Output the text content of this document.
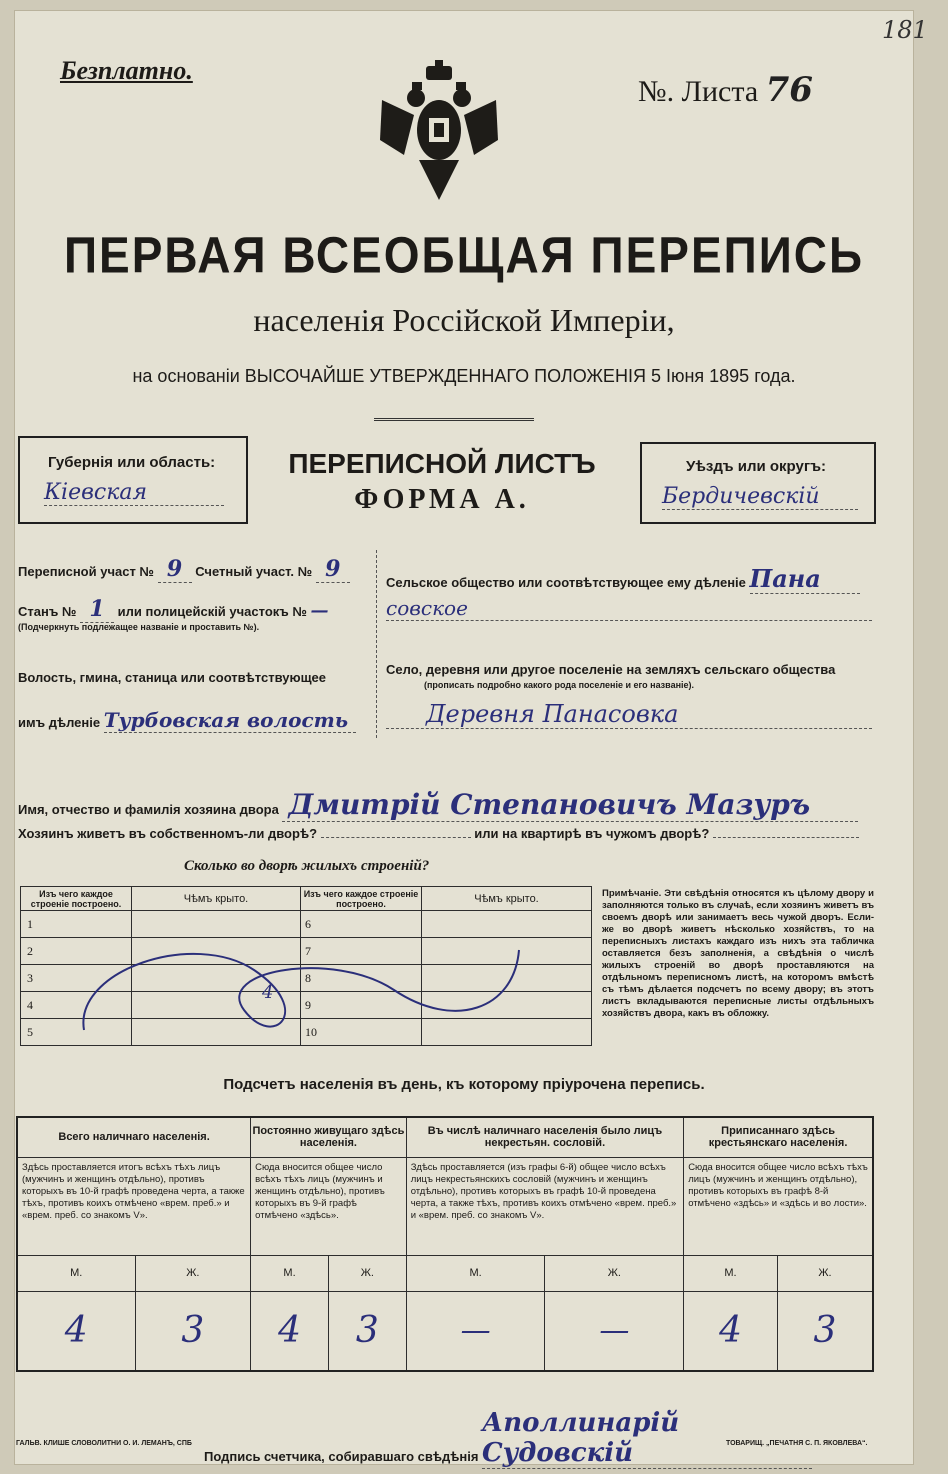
Безплатно.
№. Листа 76
181
ПЕРВАЯ ВСЕОБЩАЯ ПЕРЕПИСЬ
населенія Россійской Имперіи,
на основаніи ВЫСОЧАЙШЕ УТВЕРЖДЕННАГО ПОЛОЖЕНІЯ 5 Іюня 1895 года.
Губернія или область:
Кіевская
ПЕРЕПИСНОЙ ЛИСТЪ
ФОРМА А.
Уѣздъ или округъ:
Бердичевскій
Переписной участ № 9 Счетный участ. № 9
Станъ № 1 или полицейскій участокъ № —
(Подчеркнуть подлежащее названіе и проставить №).
Волость, гмина, станица или соотвѣтствующее
имъ дѣленіе Турбовская волость
Сельское общество или соотвѣтствующее ему дѣленіе Пана
совское
Село, деревня или другое поселеніе на земляхъ сельскаго общества
(прописать подробно какого рода поселеніе и его названіе).
Деревня Панасовка
Имя, отчество и фамилія хозяина двора Дмитрій Степановичъ Мазуръ
Хозяинъ живетъ въ собственномъ-ли дворѣ?	или на квартирѣ въ чужомъ дворѣ?
Сколько во дворѣ жилыхъ строеній?
Изъ чего каждое строеніе построено.	Чѣмъ крыто.	Изъ чего каждое строеніе построено.	Чѣмъ крыто.
1		6	
2		7	
3		8	
4		9	
5		10	
4
Примѣчаніе. Эти свѣдѣнія относятся къ цѣлому двору и заполняются только въ случаѣ, если хозяинъ живетъ въ своемъ дворѣ или занимаетъ весь чужой дворъ. Если-же во дворѣ живетъ нѣсколько хозяйствъ, то на переписныхъ листахъ каждаго изъ нихъ эта табличка оставляется безъ заполненія, а свѣдѣнія о числѣ жилыхъ строеній во дворѣ проставляются на отдѣльномъ переписномъ листѣ, на которомъ вмѣстѣ съ тѣмъ дѣлается подсчетъ по всему двору; въ этотъ листъ вкладываются переписные листы отдѣльныхъ хозяйствъ двора, какъ въ обложку.
Подсчетъ населенія въ день, къ которому пріурочена перепись.
Всего наличнаго населенія.		Постоянно живущаго здѣсь населенія.		Въ числѣ наличнаго населенія было лицъ некрестьян. сословій.		Приписаннаго здѣсь крестьянскаго населенія.	
Здѣсь проставляется итогъ всѣхъ тѣхъ лицъ (мужчинъ и женщинъ отдѣльно), противъ которыхъ въ 10-й графѣ проведена черта, а также тѣхъ, противъ коихъ отмѣчено «врем. преб.» и «врем. преб. со знакомъ V».		Сюда вносится общее число всѣхъ тѣхъ лицъ (мужчинъ и женщинъ отдѣльно), противъ которыхъ въ 9-й графѣ отмѣчено «здѣсь».		Здѣсь проставляется (изъ графы 6-й) общее число всѣхъ лицъ некрестьянскихъ сословій (мужчинъ и женщинъ отдѣльно), противъ которыхъ въ графѣ 10-й проведена черта, а также тѣхъ, противъ коихъ отмѣчено «врем. преб.» и «врем. преб. со знакомъ V».		Сюда вносится общее число всѣхъ тѣхъ лицъ (мужчинъ и женщинъ отдѣльно), противъ которыхъ въ графѣ 8-й отмѣчено «здѣсь» и «здѣсь и во лости».	
М.	Ж.	М.	Ж.	М.	Ж.	М.	Ж.
4	3	4	3	—	—	4	3
Подпись счетчика, собиравшаго свѣдѣнія Аполлинарій Судовскій
ГАЛЬВ. КЛИШЕ СЛОВОЛИТНИ О. И. ЛЕМАНЪ, СПБ	ТОВАРИЩ. „ПЕЧАТНЯ С. П. ЯКОВЛЕВА“.
